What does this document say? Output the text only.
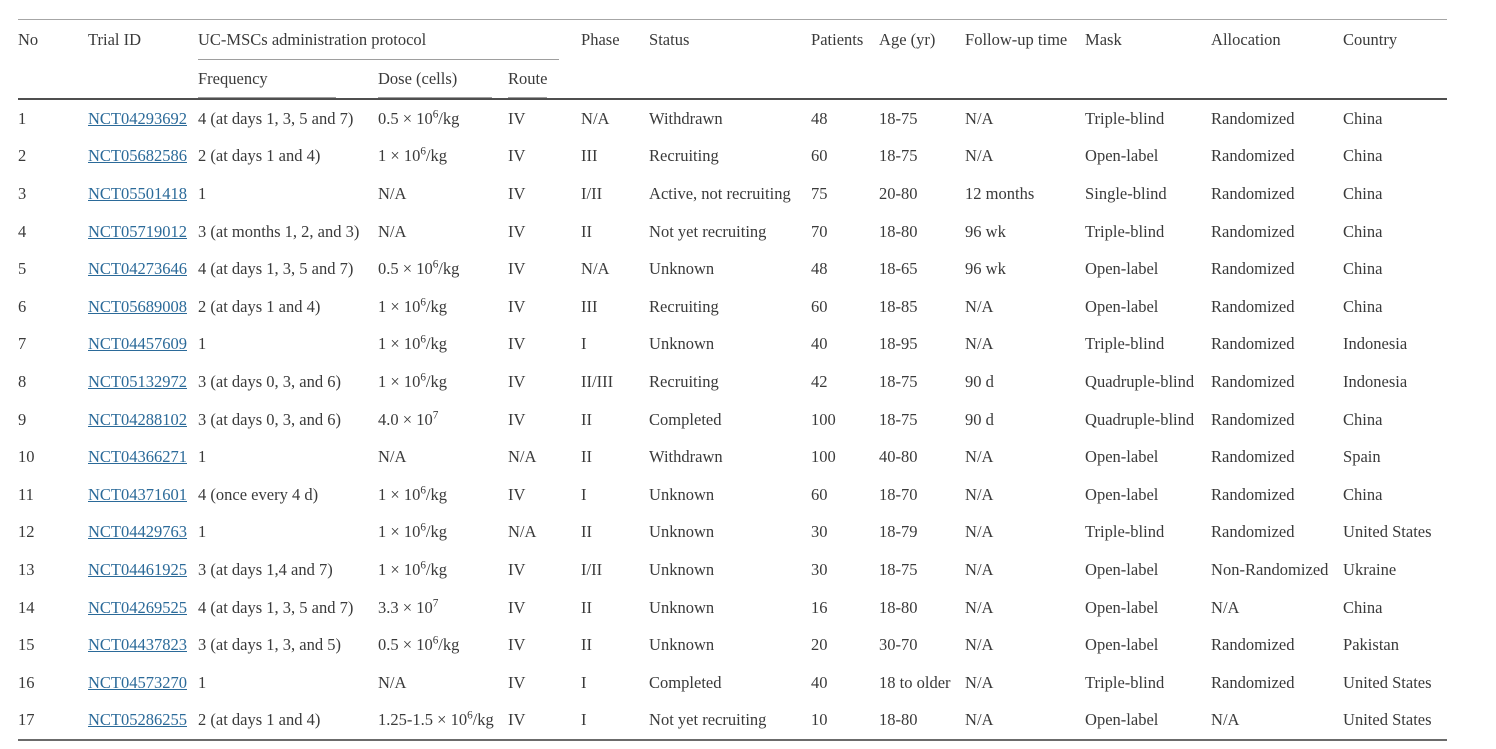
No	Trial ID	UC-MSCs administration protocol			Phase	Status	Patients	Age (yr)	Follow-up time	Mask	Allocation	Country

		Frequency	Dose (cells)	Route								

1	NCT04293692	4 (at days 1, 3, 5 and 7)	$0.5 \times 10^6/kg$	IV	N/A	Withdrawn	48	18-75	N/A	Triple-blind	Randomized	China
2	NCT05682586	2 (at days 1 and 4)	$1 \times 10^6/kg$	IV	III	Recruiting	60	18-75	N/A	Open-label	Randomized	China
3	NCT05501418	1	N/A	IV	I/II	Active, not recruiting	75	20-80	12 months	Single-blind	Randomized	China
4	NCT05719012	3 (at months 1, 2, and 3)	N/A	IV	II	Not yet recruiting	70	18-80	96 wk	Triple-blind	Randomized	China
5	NCT04273646	4 (at days 1, 3, 5 and 7)	$0.5 \times 10^6/kg$	IV	N/A	Unknown	48	18-65	96 wk	Open-label	Randomized	China
6	NCT05689008	2 (at days 1 and 4)	$1 \times 10^6/kg$	IV	III	Recruiting	60	18-85	N/A	Open-label	Randomized	China
7	NCT04457609	1	$1 \times 10^6/kg$	IV	I	Unknown	40	18-95	N/A	Triple-blind	Randomized	Indonesia
8	NCT05132972	3 (at days 0, 3, and 6)	$1 \times 10^6/kg$	IV	II/III	Recruiting	42	18-75	90 d	Quadruple-blind	Randomized	Indonesia
9	NCT04288102	3 (at days 0, 3, and 6)	$4.0 \times 10^7$	IV	II	Completed	100	18-75	90 d	Quadruple-blind	Randomized	China
10	NCT04366271	1	N/A	N/A	II	Withdrawn	100	40-80	N/A	Open-label	Randomized	Spain
11	NCT04371601	4 (once every 4 d)	$1 \times 10^6/kg$	IV	I	Unknown	60	18-70	N/A	Open-label	Randomized	China
12	NCT04429763	1	$1 \times 10^6/kg$	N/A	II	Unknown	30	18-79	N/A	Triple-blind	Randomized	United States
13	NCT04461925	3 (at days 1,4 and 7)	$1 \times 10^6/kg$	IV	I/II	Unknown	30	18-75	N/A	Open-label	Non-Randomized	Ukraine
14	NCT04269525	4 (at days 1, 3, 5 and 7)	$3.3 \times 10^7$	IV	II	Unknown	16	18-80	N/A	Open-label	N/A	China
15	NCT04437823	3 (at days 1, 3, and 5)	$0.5 \times 10^6/kg$	IV	II	Unknown	20	30-70	N/A	Open-label	Randomized	Pakistan
16	NCT04573270	1	N/A	IV	I	Completed	40	18 to older	N/A	Triple-blind	Randomized	United States
17	NCT05286255	2 (at days 1 and 4)	$1.25-1.5 \times 10^6/kg$	IV	I	Not yet recruiting	10	18-80	N/A	Open-label	N/A	United States
